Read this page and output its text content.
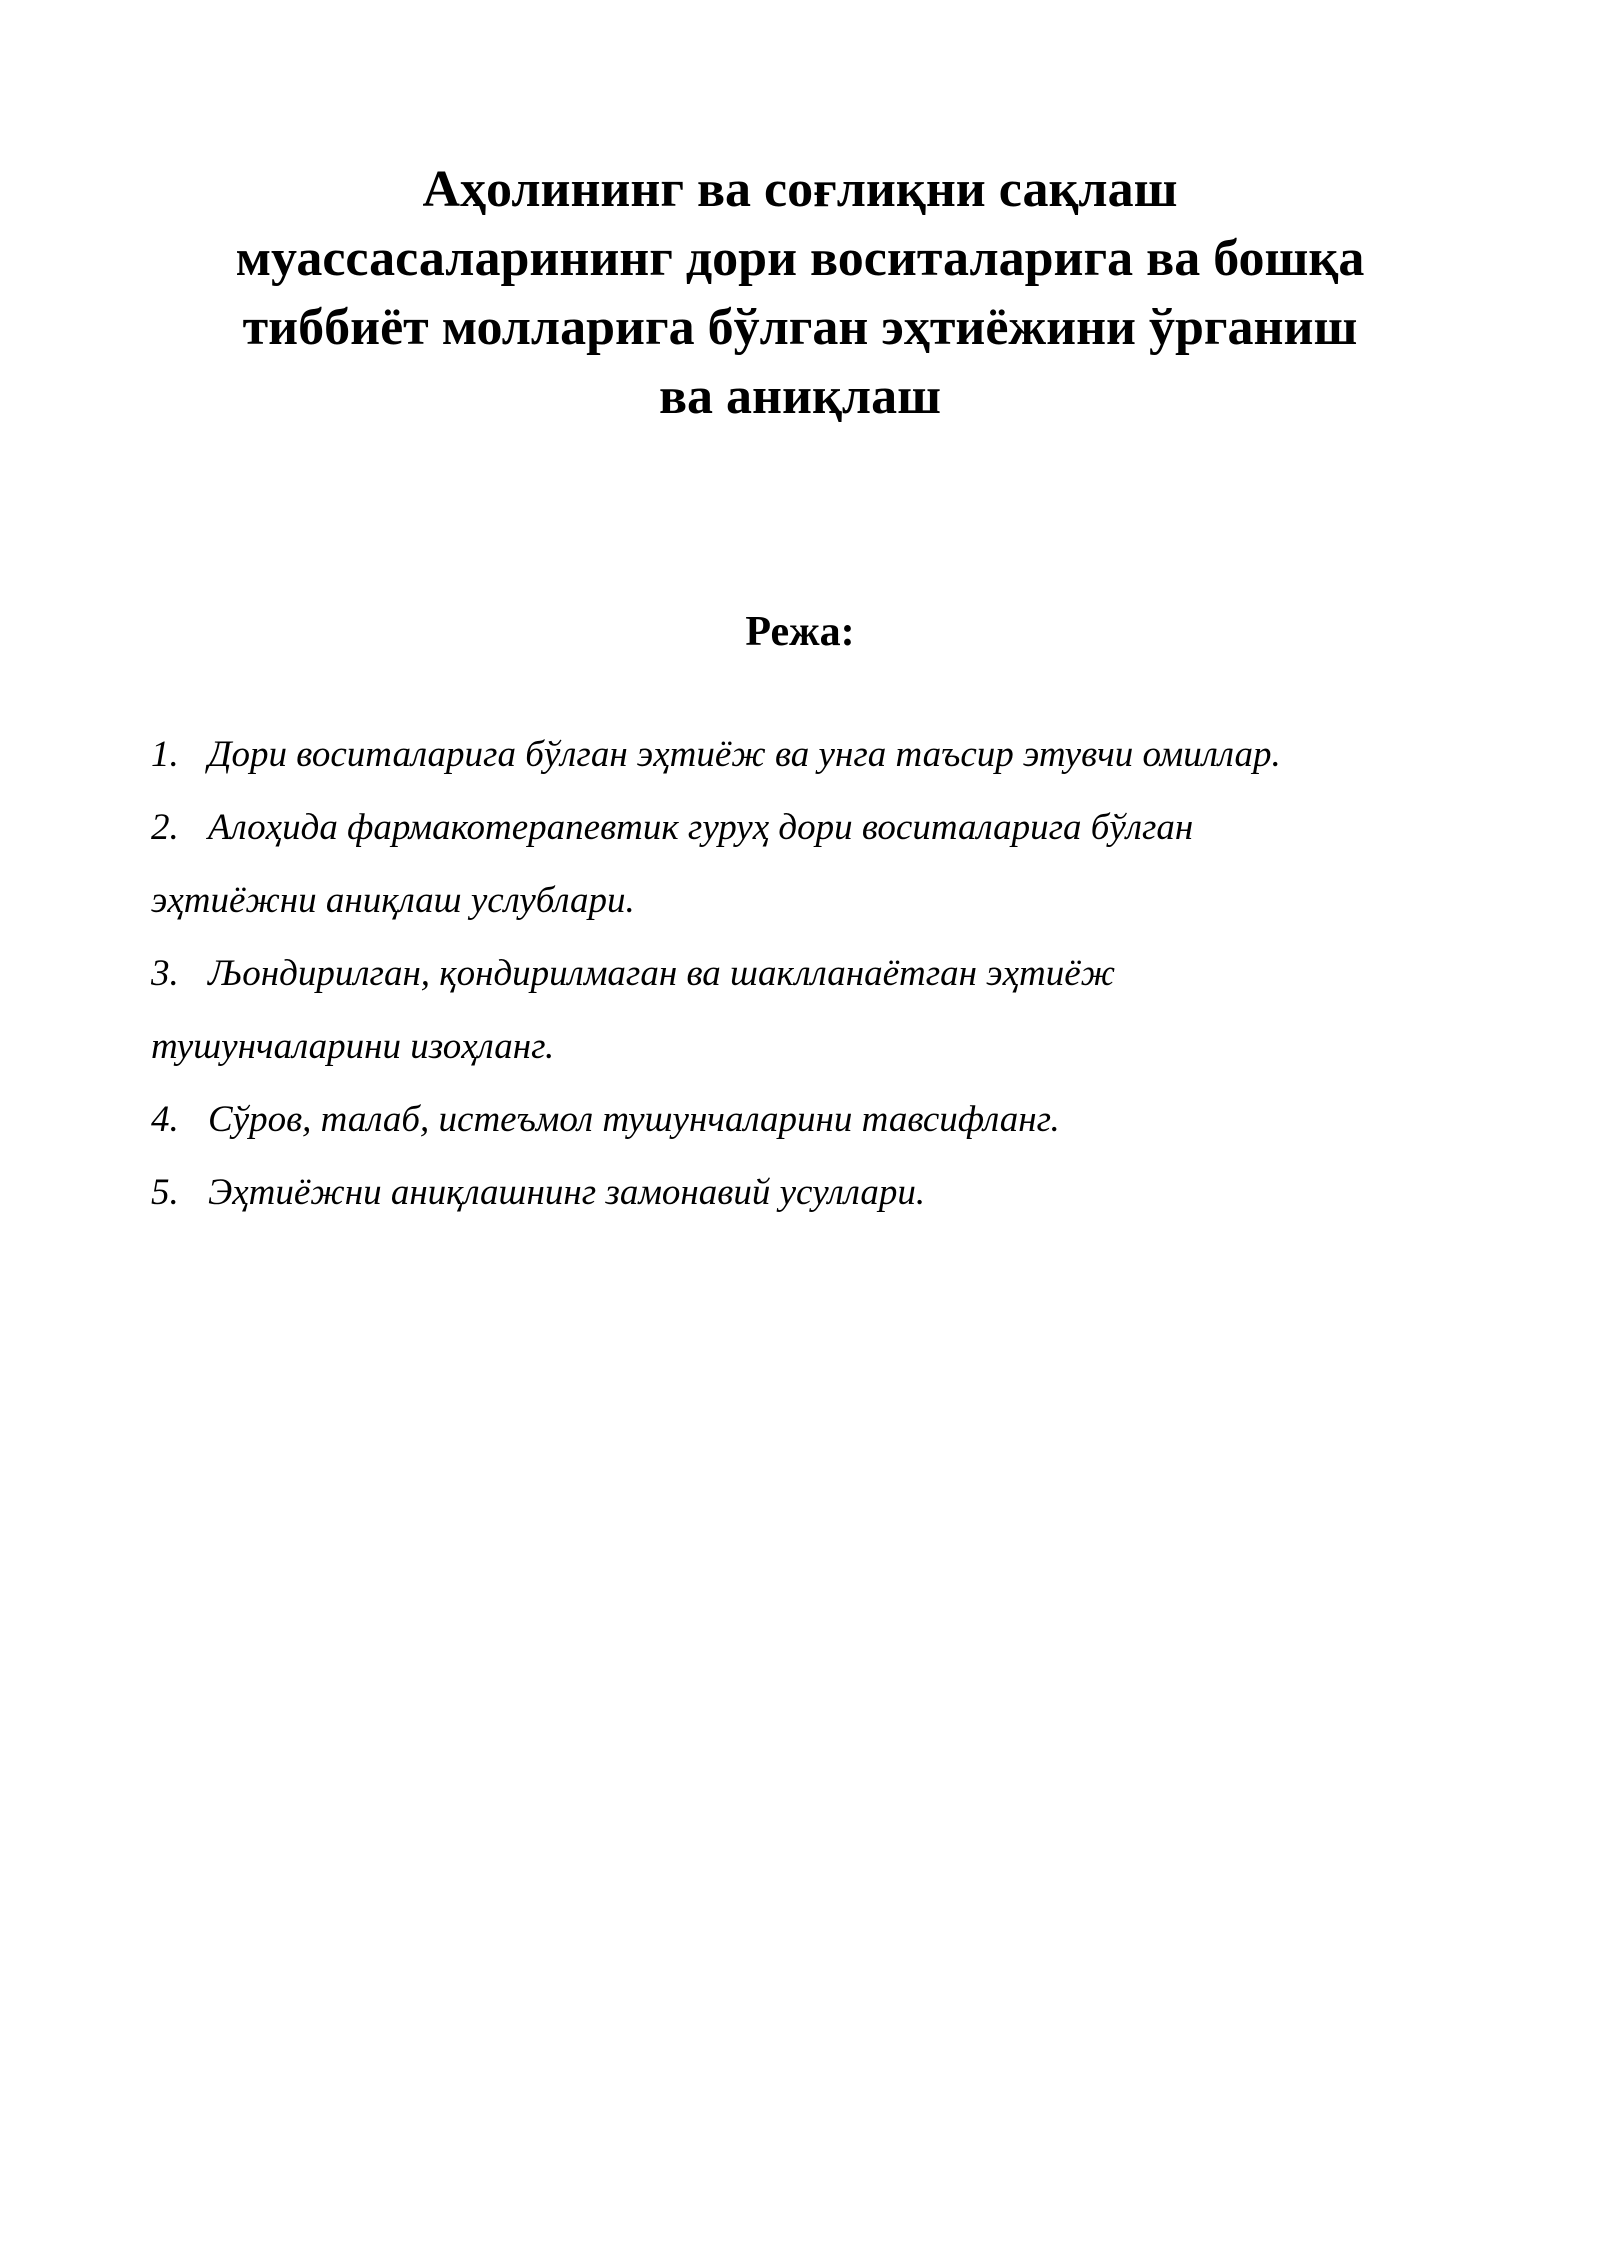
Аҳолининг ва соғлиқни сақлаш
муассасаларининг дори воситаларига ва бошқа
тиббиёт молларига бўлган эҳтиёжини ўрганиш
ва аниқлаш
Режа:
1. Дори воситаларига бўлган эҳтиёж ва унга таъсир этувчи омиллар.
2. Алоҳида фармакотерапевтик гуруҳ дори воситаларига бўлган
эҳтиёжни аниқлаш услублари.
3. Љондирилган, қондирилмаган ва шаклланаётган эҳтиёж
тушунчаларини изоҳланг.
4. Сўров, талаб, истеъмол тушунчаларини тавсифланг.
5. Эҳтиёжни аниқлашнинг замонавий усуллари.
